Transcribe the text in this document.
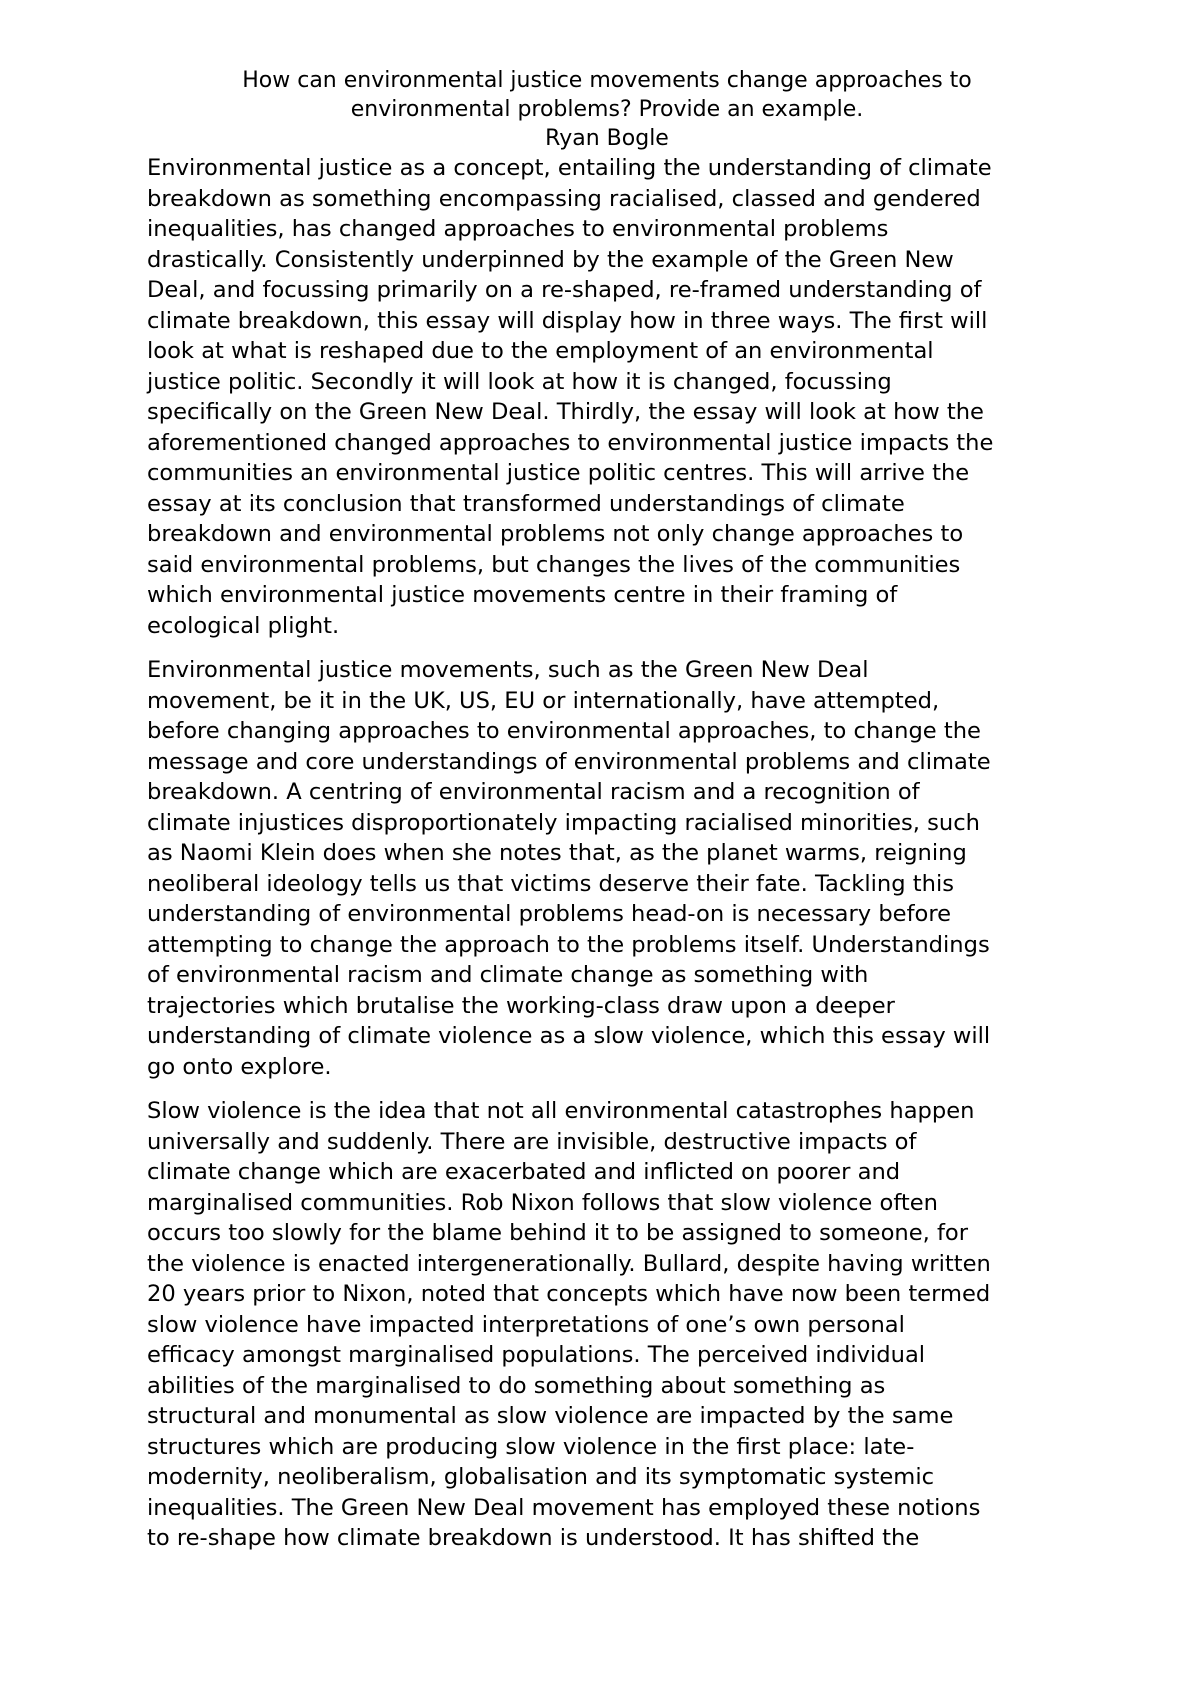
How can environmental justice movements change approaches to
environmental problems? Provide an example.
Ryan Bogle

Environmental justice as a concept, entailing the understanding of climate
breakdown as something encompassing racialised, classed and gendered
inequalities, has changed approaches to environmental problems
drastically. Consistently underpinned by the example of the Green New
Deal, and focussing primarily on a re-shaped, re-framed understanding of
climate breakdown, this essay will display how in three ways. The first will
look at what is reshaped due to the employment of an environmental
justice politic. Secondly it will look at how it is changed, focussing
specifically on the Green New Deal. Thirdly, the essay will look at how the
aforementioned changed approaches to environmental justice impacts the
communities an environmental justice politic centres. This will arrive the
essay at its conclusion that transformed understandings of climate
breakdown and environmental problems not only change approaches to
said environmental problems, but changes the lives of the communities
which environmental justice movements centre in their framing of
ecological plight.

Environmental justice movements, such as the Green New Deal
movement, be it in the UK, US, EU or internationally, have attempted,
before changing approaches to environmental approaches, to change the
message and core understandings of environmental problems and climate
breakdown. A centring of environmental racism and a recognition of
climate injustices disproportionately impacting racialised minorities, such
as Naomi Klein does when she notes that, as the planet warms, reigning
neoliberal ideology tells us that victims deserve their fate. Tackling this
understanding of environmental problems head-on is necessary before
attempting to change the approach to the problems itself. Understandings
of environmental racism and climate change as something with
trajectories which brutalise the working-class draw upon a deeper
understanding of climate violence as a slow violence, which this essay will
go onto explore.

Slow violence is the idea that not all environmental catastrophes happen
universally and suddenly. There are invisible, destructive impacts of
climate change which are exacerbated and inflicted on poorer and
marginalised communities. Rob Nixon follows that slow violence often
occurs too slowly for the blame behind it to be assigned to someone, for
the violence is enacted intergenerationally. Bullard, despite having written
20 years prior to Nixon, noted that concepts which have now been termed
slow violence have impacted interpretations of one’s own personal
efficacy amongst marginalised populations. The perceived individual
abilities of the marginalised to do something about something as
structural and monumental as slow violence are impacted by the same
structures which are producing slow violence in the first place: late-
modernity, neoliberalism, globalisation and its symptomatic systemic
inequalities. The Green New Deal movement has employed these notions
to re-shape how climate breakdown is understood. It has shifted the
